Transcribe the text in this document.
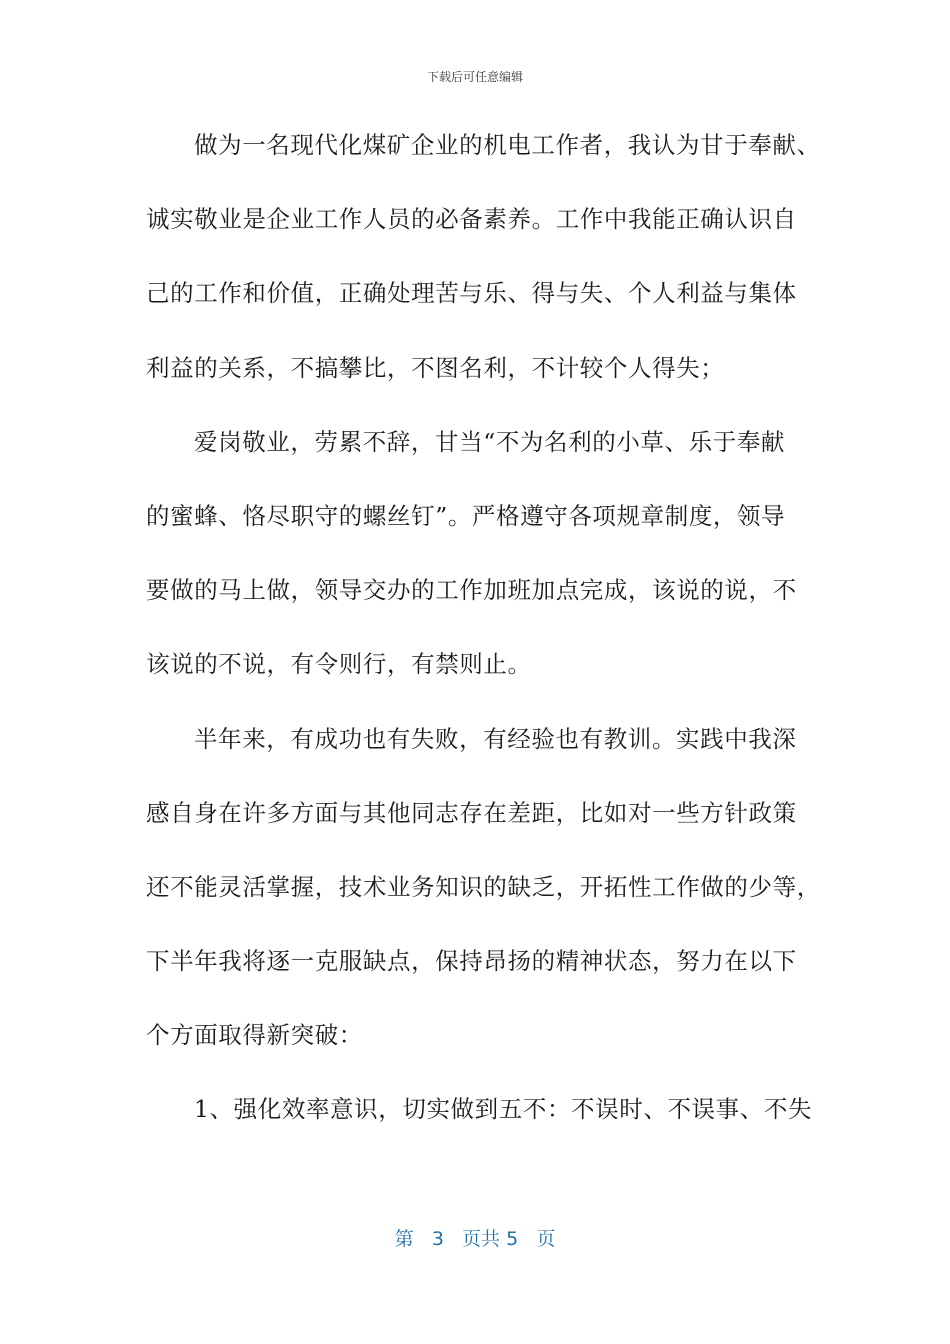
下载后可任意编辑
做为一名现代化煤矿企业的机电工作者，我认为甘于奉献、
诚实敬业是企业工作人员的必备素养。工作中我能正确认识自
己的工作和价值，正确处理苦与乐、得与失、个人利益与集体
利益的关系，不搞攀比，不图名利，不计较个人得失；
爱岗敬业，劳累不辞，甘当“不为名利的小草、乐于奉献
的蜜蜂、恪尽职守的螺丝钉”。严格遵守各项规章制度，领导
要做的马上做，领导交办的工作加班加点完成，该说的说，不
该说的不说，有令则行，有禁则止。
半年来，有成功也有失败，有经验也有教训。实践中我深
感自身在许多方面与其他同志存在差距，比如对一些方针政策
还不能灵活掌握，技术业务知识的缺乏，开拓性工作做的少等，
下半年我将逐一克服缺点，保持昂扬的精神状态，努力在以下
个方面取得新突破：
1、强化效率意识，切实做到五不：不误时、不误事、不失
第 3 页共 5 页
